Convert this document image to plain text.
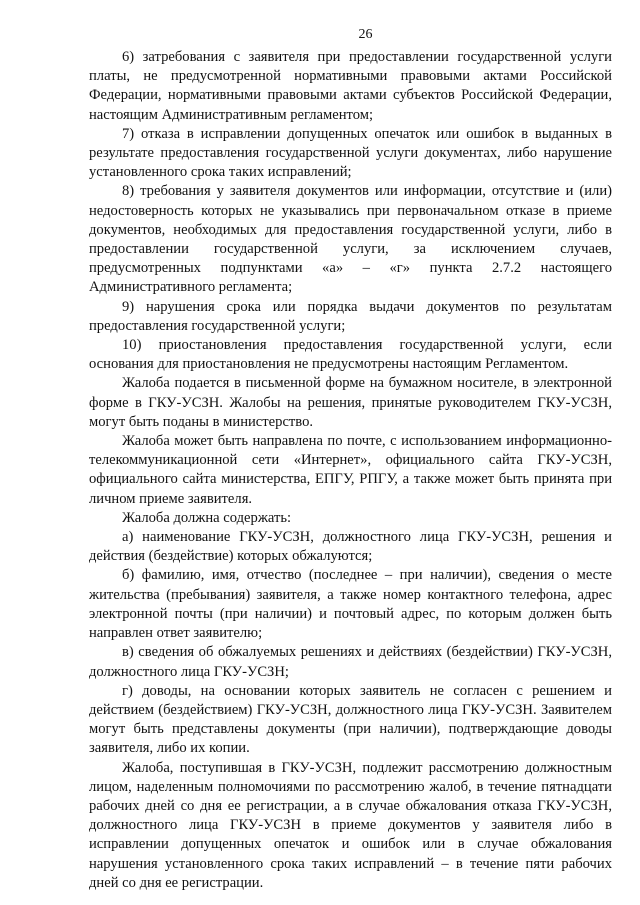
26

6) затребования с заявителя при предоставлении государственной услуги платы, не предусмотренной нормативными правовыми актами Российской Федерации, нормативными правовыми актами субъектов Российской Федерации, настоящим Административным регламентом;

7) отказа в исправлении допущенных опечаток или ошибок в выданных в результате предоставления государственной услуги документах, либо нарушение установленного срока таких исправлений;

8) требования у заявителя документов или информации, отсутствие и (или) недостоверность которых не указывались при первоначальном отказе в приеме документов, необходимых для предоставления государственной услуги, либо в предоставлении государственной услуги, за исключением случаев, предусмотренных подпунктами «а» – «г» пункта 2.7.2 настоящего Административного регламента;

9) нарушения срока или порядка выдачи документов по результатам предоставления государственной услуги;

10) приостановления предоставления государственной услуги, если основания для приостановления не предусмотрены настоящим Регламентом.

Жалоба подается в письменной форме на бумажном носителе, в электронной форме в ГКУ-УСЗН. Жалобы на решения, принятые руководителем ГКУ-УСЗН, могут быть поданы в министерство.

Жалоба может быть направлена по почте, с использованием информационно-телекоммуникационной сети «Интернет», официального сайта ГКУ-УСЗН, официального сайта министерства, ЕПГУ, РПГУ, а также может быть принята при личном приеме заявителя.

Жалоба должна содержать:

а) наименование ГКУ-УСЗН, должностного лица ГКУ-УСЗН, решения и действия (бездействие) которых обжалуются;

б) фамилию, имя, отчество (последнее – при наличии), сведения о месте жительства (пребывания) заявителя, а также номер контактного телефона, адрес электронной почты (при наличии) и почтовый адрес, по которым должен быть направлен ответ заявителю;

в) сведения об обжалуемых решениях и действиях (бездействии) ГКУ-УСЗН, должностного лица ГКУ-УСЗН;

г) доводы, на основании которых заявитель не согласен с решением и действием (бездействием) ГКУ-УСЗН, должностного лица ГКУ-УСЗН. Заявителем могут быть представлены документы (при наличии), подтверждающие доводы заявителя, либо их копии.

Жалоба, поступившая в ГКУ-УСЗН, подлежит рассмотрению должностным лицом, наделенным полномочиями по рассмотрению жалоб, в течение пятнадцати рабочих дней со дня ее регистрации, а в случае обжалования отказа ГКУ-УСЗН, должностного лица ГКУ-УСЗН в приеме документов у заявителя либо в исправлении допущенных опечаток и ошибок или в случае обжалования нарушения установленного срока таких исправлений – в течение пяти рабочих дней со дня ее регистрации.
